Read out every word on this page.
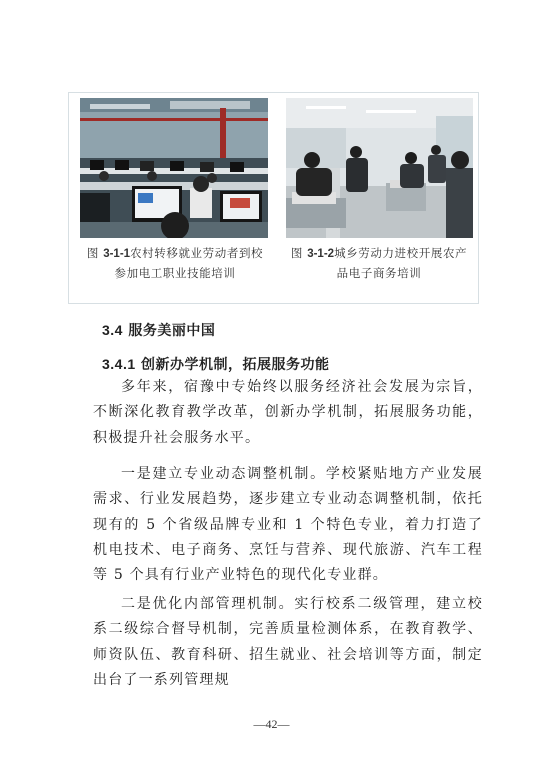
图 3-1-1农村转移就业劳动者到校参加电工职业技能培训
图 3-1-2城乡劳动力进校开展农产品电子商务培训
3.4 服务美丽中国
3.4.1 创新办学机制，拓展服务功能

多年来，宿豫中专始终以服务经济社会发展为宗旨，不断深化教育教学改革，创新办学机制，拓展服务功能，积极提升社会服务水平。

一是建立专业动态调整机制。学校紧贴地方产业发展需求、行业发展趋势，逐步建立专业动态调整机制，依托现有的 5 个省级品牌专业和 1 个特色专业，着力打造了机电技术、电子商务、烹饪与营养、现代旅游、汽车工程等 5 个具有行业产业特色的现代化专业群。

二是优化内部管理机制。实行校系二级管理，建立校系二级综合督导机制，完善质量检测体系，在教育教学、师资队伍、教育科研、招生就业、社会培训等方面，制定出台了一系列管理规

—42—
